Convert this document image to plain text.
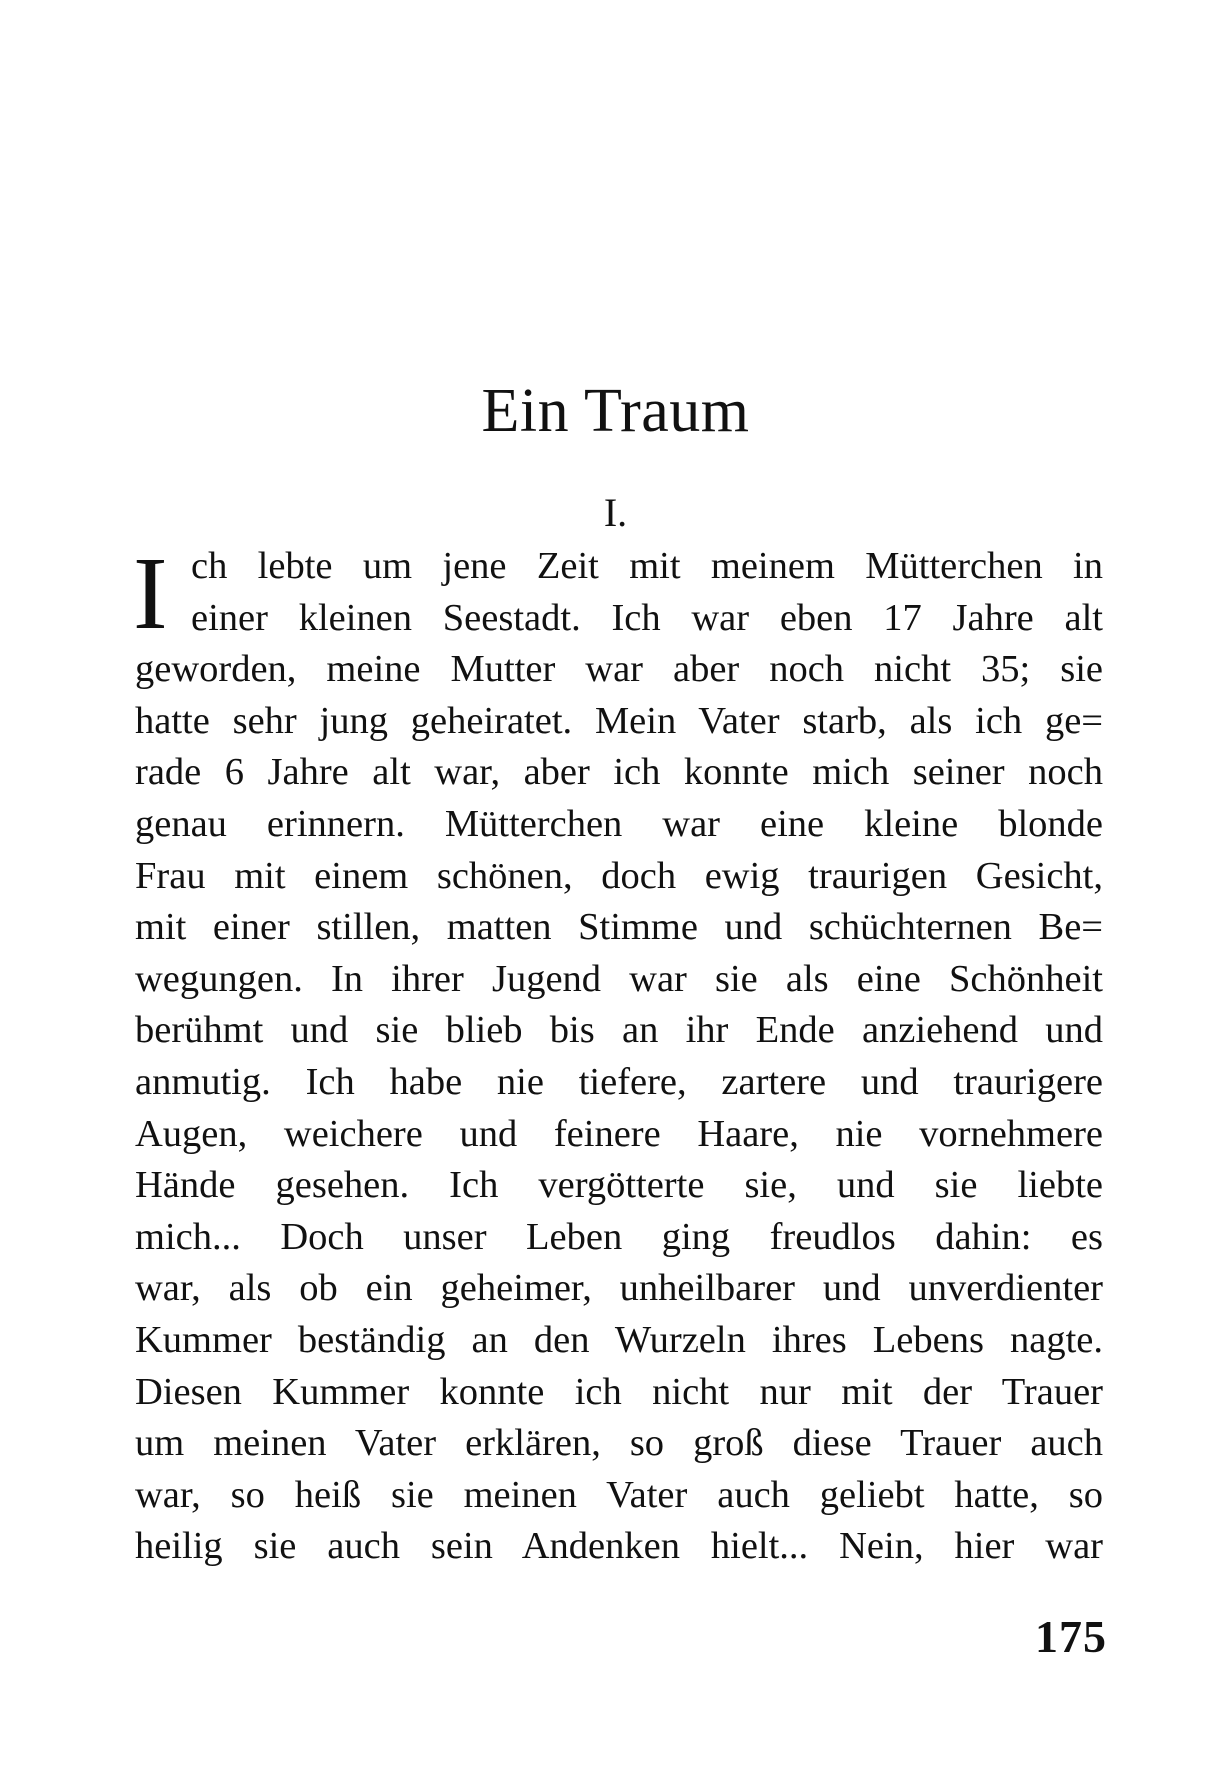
Ein Traum
I.
I ch lebte um jene Zeit mit meinem Mütterchen in
einer kleinen Seestadt. Ich war eben 17 Jahre alt
geworden, meine Mutter war aber noch nicht 35; sie
hatte sehr jung geheiratet. Mein Vater starb, als ich ge=
rade 6 Jahre alt war, aber ich konnte mich seiner noch
genau erinnern. Mütterchen war eine kleine blonde
Frau mit einem schönen, doch ewig traurigen Gesicht,
mit einer stillen, matten Stimme und schüchternen Be=
wegungen. In ihrer Jugend war sie als eine Schönheit
berühmt und sie blieb bis an ihr Ende anziehend und
anmutig. Ich habe nie tiefere, zartere und traurigere
Augen, weichere und feinere Haare, nie vornehmere
Hände gesehen. Ich vergötterte sie, und sie liebte
mich... Doch unser Leben ging freudlos dahin: es
war, als ob ein geheimer, unheilbarer und unverdienter
Kummer beständig an den Wurzeln ihres Lebens nagte.
Diesen Kummer konnte ich nicht nur mit der Trauer
um meinen Vater erklären, so groß diese Trauer auch
war, so heiß sie meinen Vater auch geliebt hatte, so
heilig sie auch sein Andenken hielt... Nein, hier war
175
